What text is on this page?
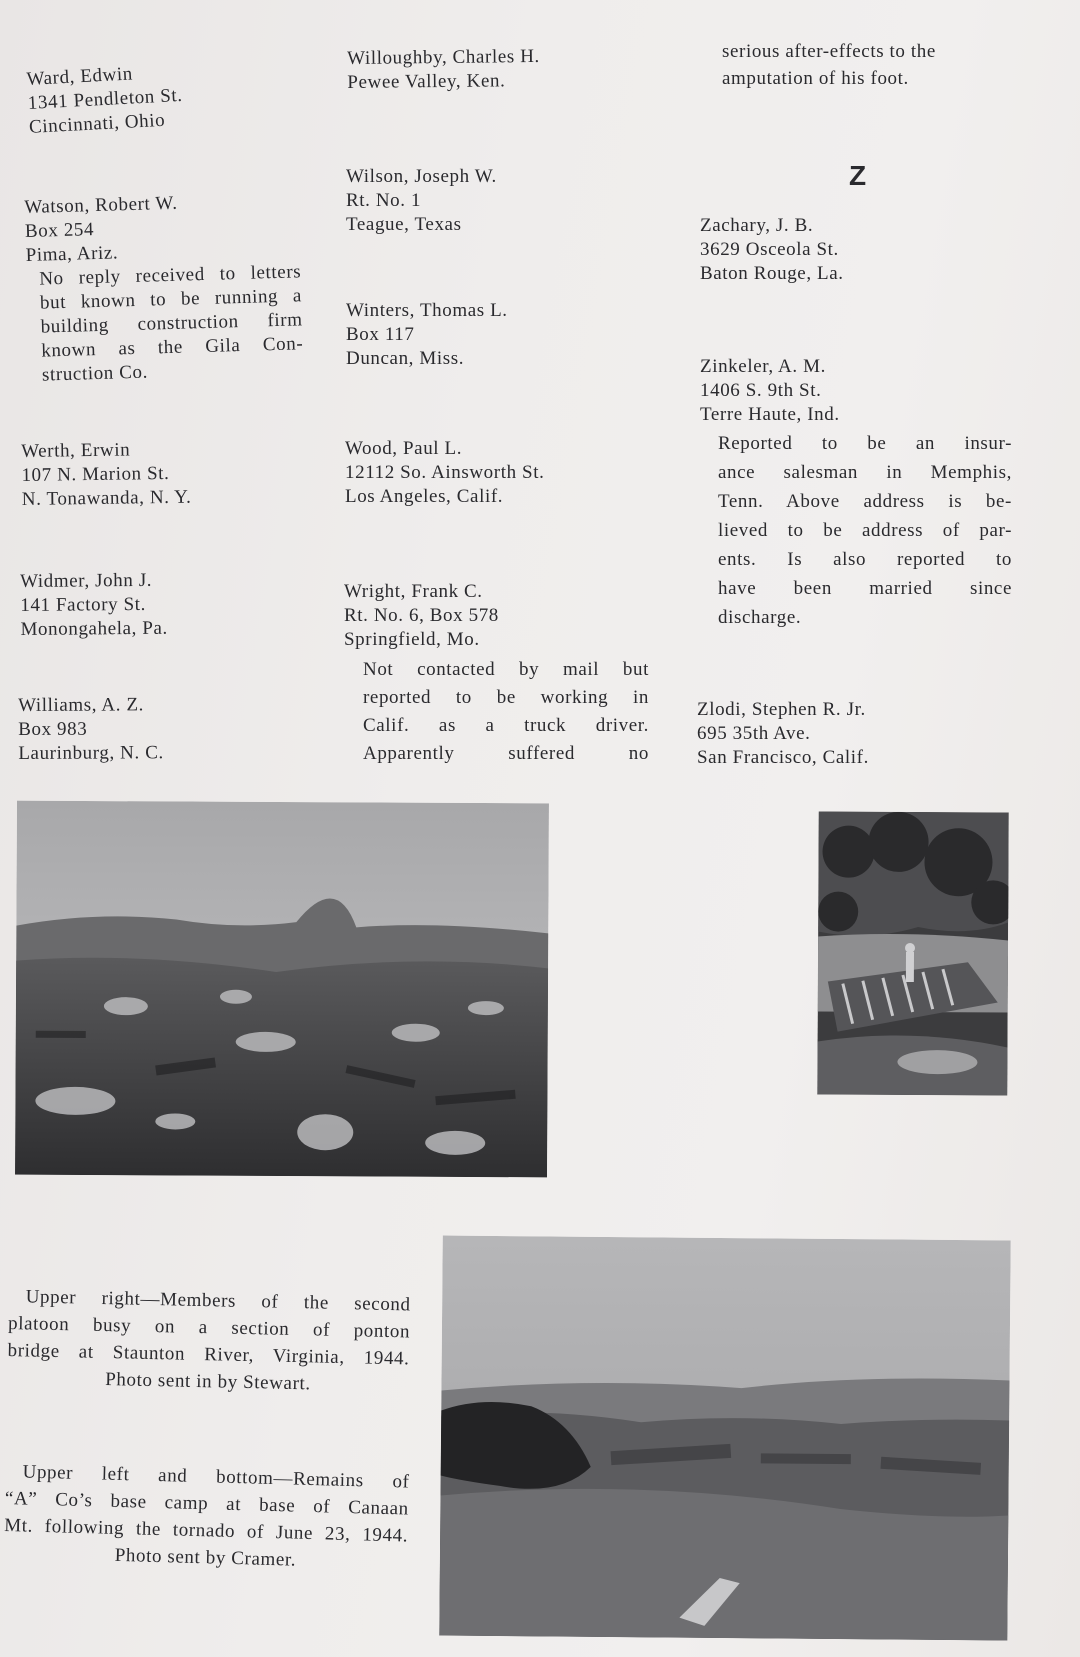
Ward, Edwin
1341 Pendleton St.
Cincinnati, Ohio
Watson, Robert W.
Box 254
Pima, Ariz.
No reply received to letters
but known to be running a
building construction firm
known as the Gila Con-
struction Co.
Werth, Erwin
107 N. Marion St.
N. Tonawanda, N. Y.
Widmer, John J.
141 Factory St.
Monongahela, Pa.
Williams, A. Z.
Box 983
Laurinburg, N. C.
Willoughby, Charles H.
Pewee Valley, Ken.
Wilson, Joseph W.
Rt. No. 1
Teague, Texas
Winters, Thomas L.
Box 117
Duncan, Miss.
Wood, Paul L.
12112 So. Ainsworth St.
Los Angeles, Calif.
Wright, Frank C.
Rt. No. 6, Box 578
Springfield, Mo.
Not contacted by mail but
reported to be working in
Calif. as a truck driver.
Apparently suffered no
serious after-effects to the
amputation of his foot.
Z
Zachary, J. B.
3629 Osceola St.
Baton Rouge, La.
Zinkeler, A. M.
1406 S. 9th St.
Terre Haute, Ind.
Reported to be an insur-
ance salesman in Memphis,
Tenn. Above address is be-
lieved to be address of par-
ents. Is also reported to
have been married since
discharge.
Zlodi, Stephen R. Jr.
695 35th Ave.
San Francisco, Calif.
Upper right—Members of the second
platoon busy on a section of ponton
bridge at Staunton River, Virginia, 1944.
Photo sent in by Stewart.
Upper left and bottom—Remains of
“A” Co’s base camp at base of Canaan
Mt. following the tornado of June 23, 1944.
Photo sent by Cramer.
